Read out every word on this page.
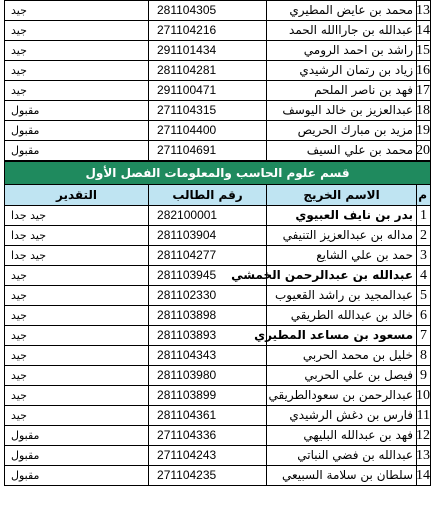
13	محمد بن عايض المطيري	281104305	جيد
14	عبدالله بن جاراالله الحمد	271104216	جيد
15	راشد بن احمد الرومي	291101434	جيد
16	زياد بن رتمان الرشيدي	281104281	جيد
17	فهد بن ناصر الملحم	291100471	جيد
18	عبدالعزيز بن خالد اليوسف	271104315	مقبول
19	مزيد بن مبارك الحريص	271104400	مقبول
20	محمد بن علي السيف	271104691	مقبول
قسم علوم الحاسب والمعلومات الفصل الأول			
م	الاسم الخريج	رقم الطالب	التقدير
1	بدر بن نايف العبيوي	282100001	جيد جدا
2	مداله بن عبدالعزيز التنيفي	281103904	جيد جدا
3	حمد بن علي الشايع	281104277	جيد جدا
4	عبدالله بن عبدالرحمن الخمشي	281103945	جيد
5	عبدالمجيد بن راشد القعيوب	281102330	جيد
6	خالد بن عبدالله الطريقي	281103898	جيد
7	مسعود بن مساعد المطيري	281103893	جيد
8	خليل بن محمد الحربي	281104343	جيد
9	فيصل بن علي الحربي	281103980	جيد
10	عبدالرحمن بن سعودالطريقي	281103899	جيد
11	فارس بن دغش الرشيدي	281104361	جيد
12	فهد بن عبدالله البليهي	271104336	مقبول
13	عبدالله بن فضي النباتي	271104243	مقبول
14	سلطان بن سلامة السبيعي	271104235	مقبول
